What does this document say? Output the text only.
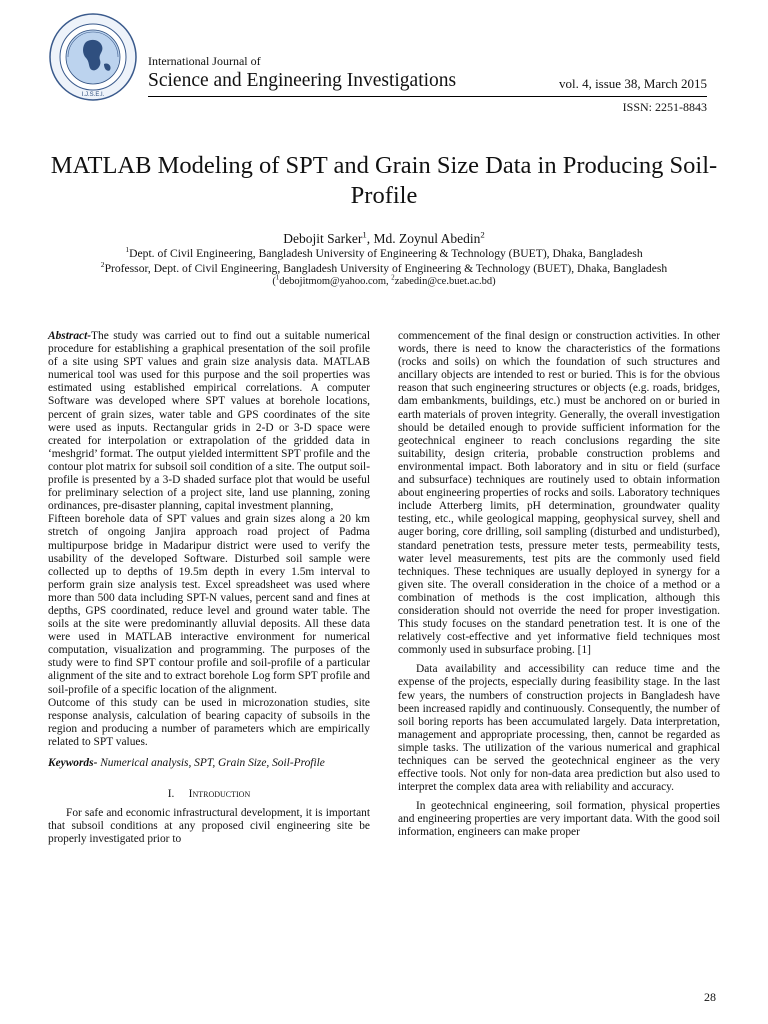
I.J.S.E.I.
International Journal of
Science and Engineering Investigations	vol. 4, issue 38, March 2015
ISSN: 2251-8843
MATLAB Modeling of SPT and Grain Size Data in Producing Soil-Profile
Debojit Sarker$^1$, Md. Zoynul Abedin$^2$
$^1$Dept. of Civil Engineering, Bangladesh University of Engineering & Technology (BUET), Dhaka, Bangladesh
$^2$Professor, Dept. of Civil Engineering, Bangladesh University of Engineering & Technology (BUET), Dhaka, Bangladesh
($^1$debojitmom@yahoo.com, $^2$zabedin@ce.buet.ac.bd)

Abstract-The study was carried out to find out a suitable numerical procedure for establishing a graphical presentation of the soil profile of a site using SPT values and grain size analysis data. MATLAB numerical tool was used for this purpose and the soil properties was estimated using established empirical correlations. A computer Software was developed where SPT values at borehole locations, percent of grain sizes, water table and GPS coordinates of the site were used as inputs. Rectangular grids in 2-D or 3-D space were created for interpolation or extrapolation of the gridded data in ‘meshgrid’ format. The output yielded intermittent SPT profile and the contour plot matrix for subsoil soil condition of a site. The output soil-profile is presented by a 3-D shaded surface plot that would be useful for preliminary selection of a project site, land use planning, zoning ordinances, pre-disaster planning, capital investment planning,

Fifteen borehole data of SPT values and grain sizes along a 20 km stretch of ongoing Janjira approach road project of Padma multipurpose bridge in Madaripur district were used to verify the usability of the developed Software. Disturbed soil sample were collected up to depths of 19.5m depth in every 1.5m interval to perform grain size analysis test. Excel spreadsheet was used where more than 500 data including SPT-N values, percent sand and fines at depths, GPS coordinated, reduce level and ground water table. The soils at the site were predominantly alluvial deposits. All these data were used in MATLAB interactive environment for numerical computation, visualization and programming. The purposes of the study were to find SPT contour profile and soil-profile of a particular alignment of the site and to extract borehole Log form SPT profile and soil-profile of a specific location of the alignment.

Outcome of this study can be used in microzonation studies, site response analysis, calculation of bearing capacity of subsoils in the region and producing a number of parameters which are empirically related to SPT values.

Keywords- Numerical analysis, SPT, Grain Size, Soil-Profile

I. Introduction

For safe and economic infrastructural development, it is important that subsoil conditions at any proposed civil engineering site be properly investigated prior to

commencement of the final design or construction activities. In other words, there is need to know the characteristics of the formations (rocks and soils) on which the foundation of such structures and ancillary objects are intended to rest or buried. This is for the obvious reason that such engineering structures or objects (e.g. roads, bridges, dam embankments, buildings, etc.) must be anchored on or buried in earth materials of proven integrity. Generally, the overall investigation should be detailed enough to provide sufficient information for the geotechnical engineer to reach conclusions regarding the site suitability, design criteria, probable construction problems and environmental impact. Both laboratory and in situ or field (surface and subsurface) techniques are routinely used to obtain information about engineering properties of rocks and soils. Laboratory techniques include Atterberg limits, pH determination, groundwater quality testing, etc., while geological mapping, geophysical survey, shell and auger boring, core drilling, soil sampling (disturbed and undisturbed), standard penetration tests, pressure meter tests, permeability tests, water level measurements, test pits are the commonly used field techniques. These techniques are usually deployed in synergy for a given site. The overall consideration in the choice of a method or a combination of methods is the cost implication, although this consideration should not override the need for proper investigation. This study focuses on the standard penetration test. It is one of the relatively cost-effective and yet informative field techniques most commonly used in subsurface probing. [1]

Data availability and accessibility can reduce time and the expense of the projects, especially during feasibility stage. In the last few years, the numbers of construction projects in Bangladesh have been increased rapidly and continuously. Consequently, the number of soil boring reports has been accumulated largely. Data interpretation, management and appropriate processing, then, cannot be regarded as simple tasks. The utilization of the various numerical and graphical techniques can be served the geotechnical engineer as the very effective tools. Not only for non-data area prediction but also used to interpret the complex data area with reliability and accuracy.

In geotechnical engineering, soil formation, physical properties and engineering properties are very important data. With the good soil information, engineers can make proper

28
